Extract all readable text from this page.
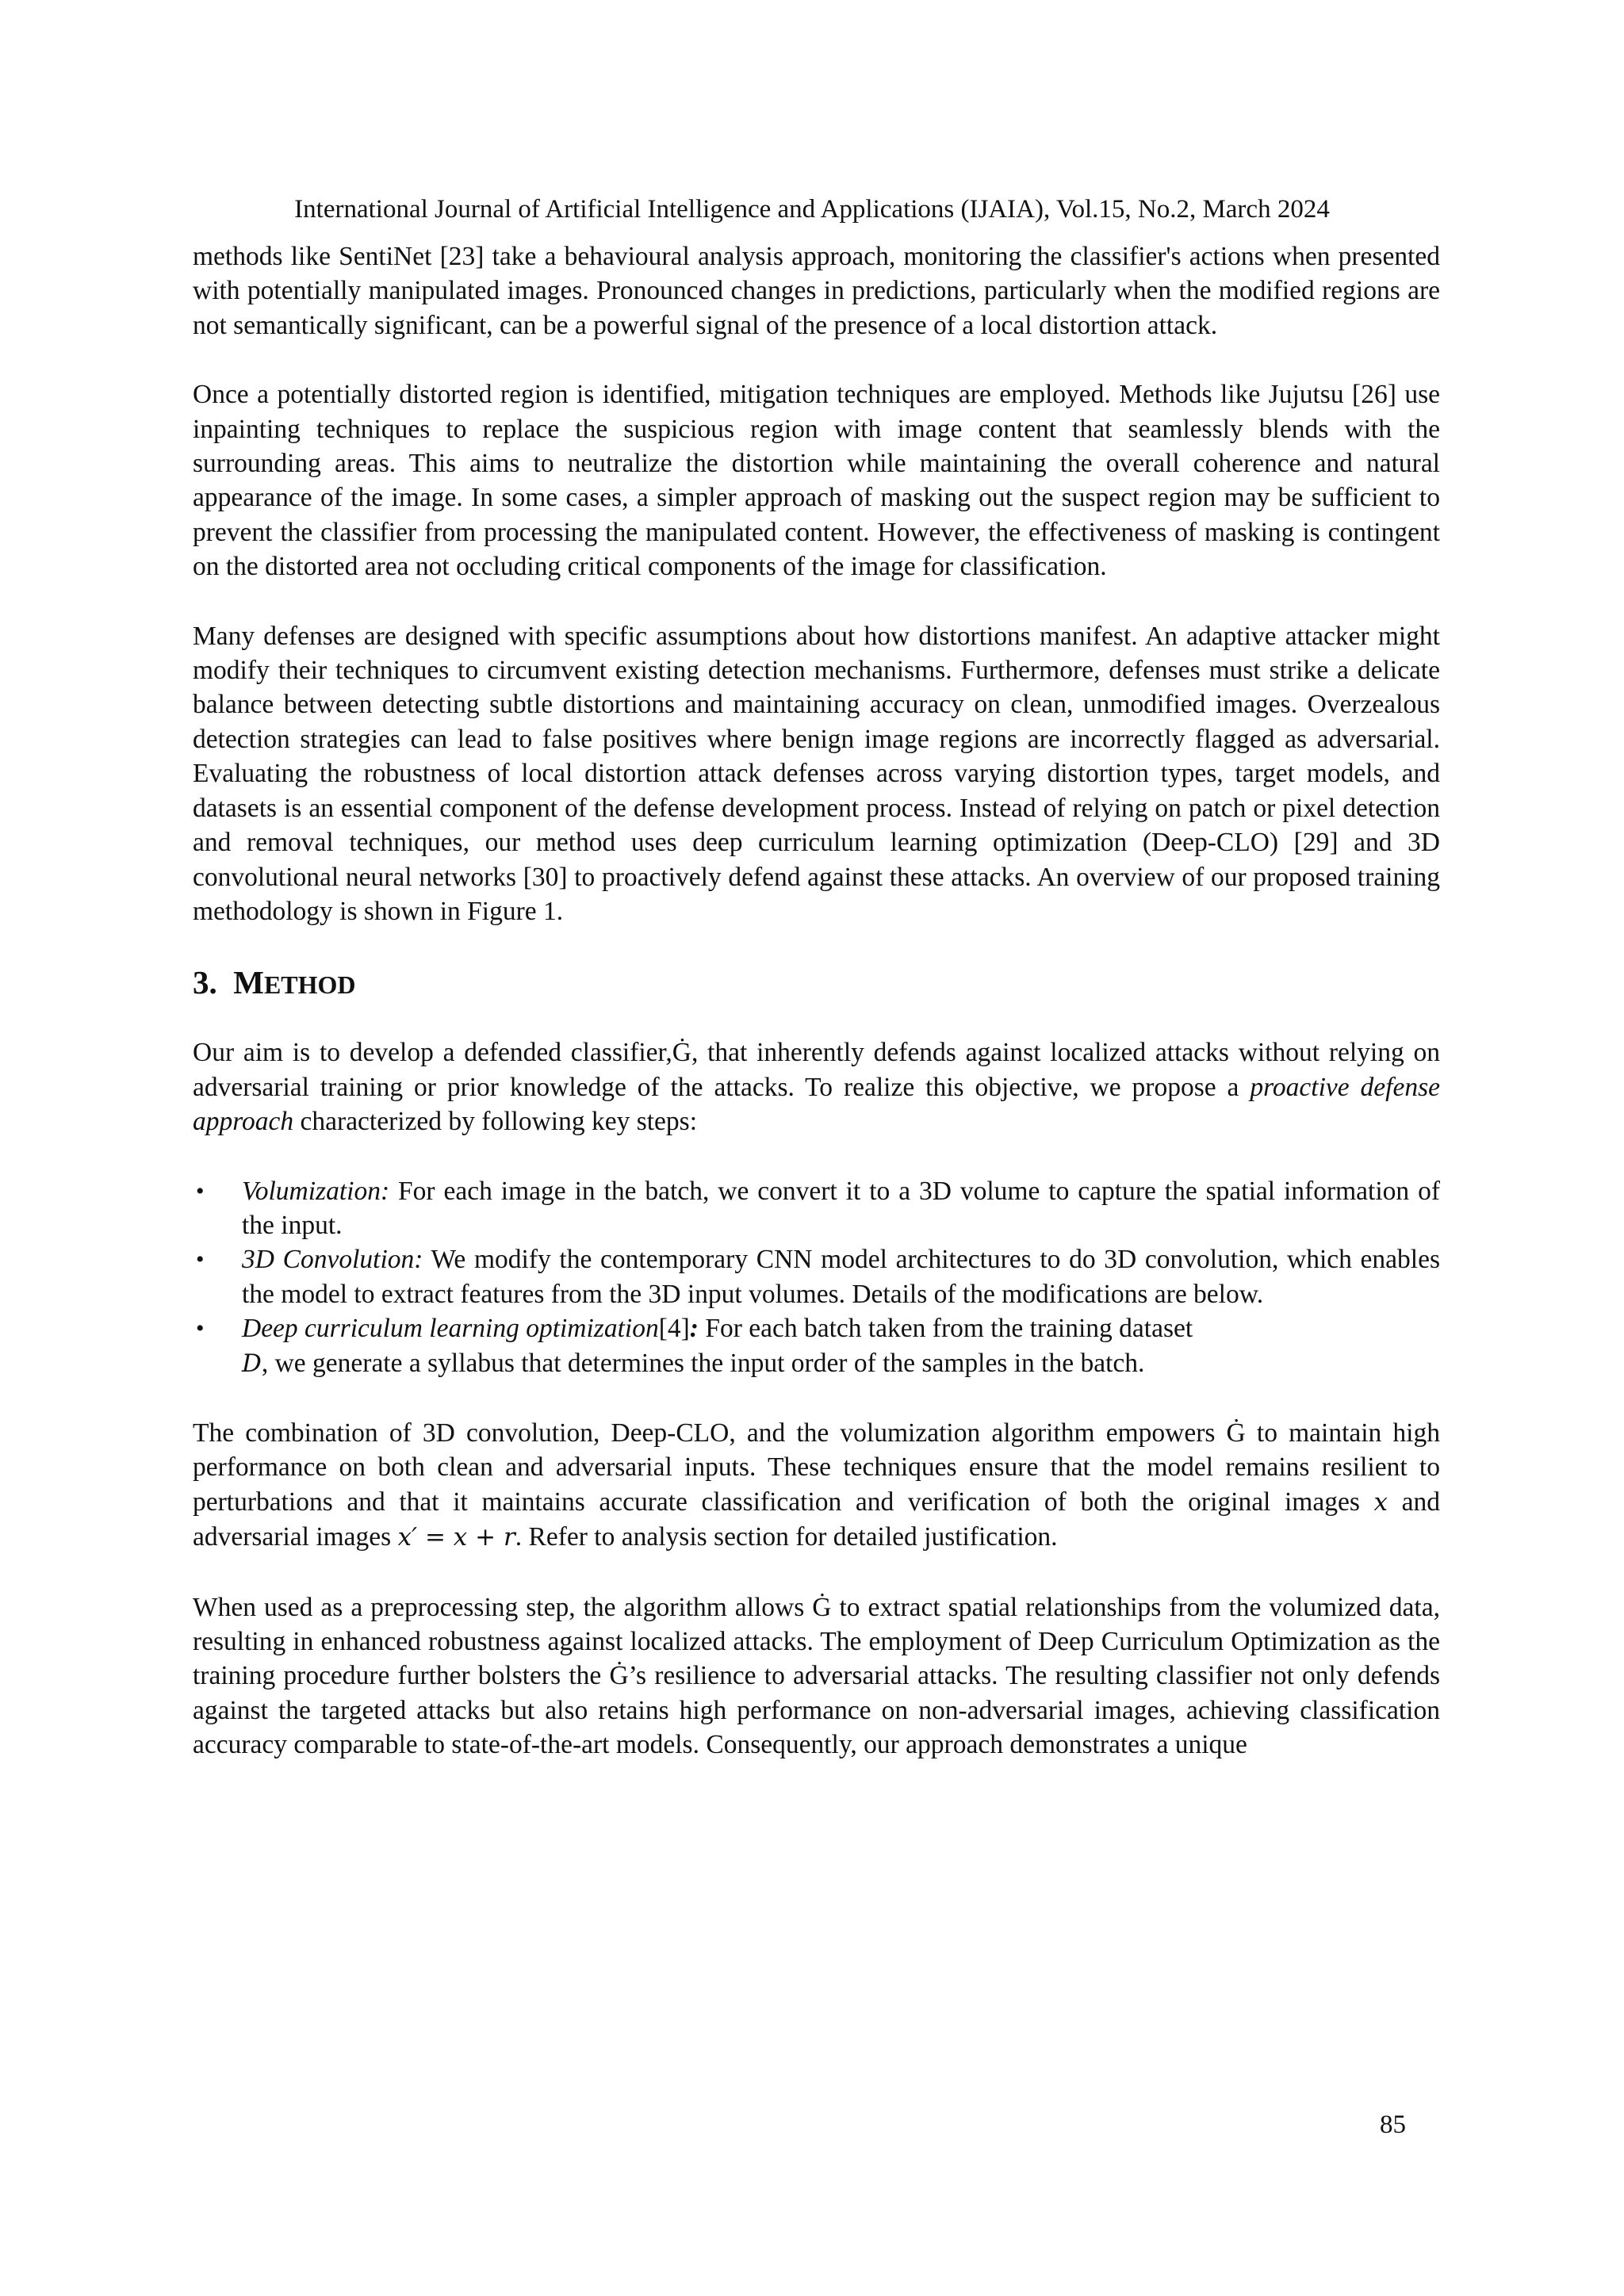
International Journal of Artificial Intelligence and Applications (IJAIA), Vol.15, No.2, March 2024

methods like SentiNet [23] take a behavioural analysis approach, monitoring the classifier's actions when presented with potentially manipulated images. Pronounced changes in predictions, particularly when the modified regions are not semantically significant, can be a powerful signal of the presence of a local distortion attack.

Once a potentially distorted region is identified, mitigation techniques are employed. Methods like Jujutsu [26] use inpainting techniques to replace the suspicious region with image content that seamlessly blends with the surrounding areas. This aims to neutralize the distortion while maintaining the overall coherence and natural appearance of the image. In some cases, a simpler approach of masking out the suspect region may be sufficient to prevent the classifier from processing the manipulated content. However, the effectiveness of masking is contingent on the distorted area not occluding critical components of the image for classification.

Many defenses are designed with specific assumptions about how distortions manifest. An adaptive attacker might modify their techniques to circumvent existing detection mechanisms. Furthermore, defenses must strike a delicate balance between detecting subtle distortions and maintaining accuracy on clean, unmodified images. Overzealous detection strategies can lead to false positives where benign image regions are incorrectly flagged as adversarial. Evaluating the robustness of local distortion attack defenses across varying distortion types, target models, and datasets is an essential component of the defense development process. Instead of relying on patch or pixel detection and removal techniques, our method uses deep curriculum learning optimization (Deep-CLO) [29] and 3D convolutional neural networks [30] to proactively defend against these attacks. An overview of our proposed training methodology is shown in Figure 1.

3. METHOD

Our aim is to develop a defended classifier,Ġ, that inherently defends against localized attacks without relying on adversarial training or prior knowledge of the attacks. To realize this objective, we propose a proactive defense approach characterized by following key steps:

• Volumization: For each image in the batch, we convert it to a 3D volume to capture the spatial information of the input.
• 3D Convolution: We modify the contemporary CNN model architectures to do 3D convolution, which enables the model to extract features from the 3D input volumes. Details of the modifications are below.
• Deep curriculum learning optimization[4]: For each batch taken from the training dataset
D, we generate a syllabus that determines the input order of the samples in the batch.

The combination of 3D convolution, Deep-CLO, and the volumization algorithm empowers Ġ to maintain high performance on both clean and adversarial inputs. These techniques ensure that the model remains resilient to perturbations and that it maintains accurate classification and verification of both the original images x and adversarial images x′ = x + r. Refer to analysis section for detailed justification.

When used as a preprocessing step, the algorithm allows Ġ to extract spatial relationships from the volumized data, resulting in enhanced robustness against localized attacks. The employment of Deep Curriculum Optimization as the training procedure further bolsters the Ġ’s resilience to adversarial attacks. The resulting classifier not only defends against the targeted attacks but also retains high performance on non-adversarial images, achieving classification accuracy comparable to state-of-the-art models. Consequently, our approach demonstrates a unique

85
